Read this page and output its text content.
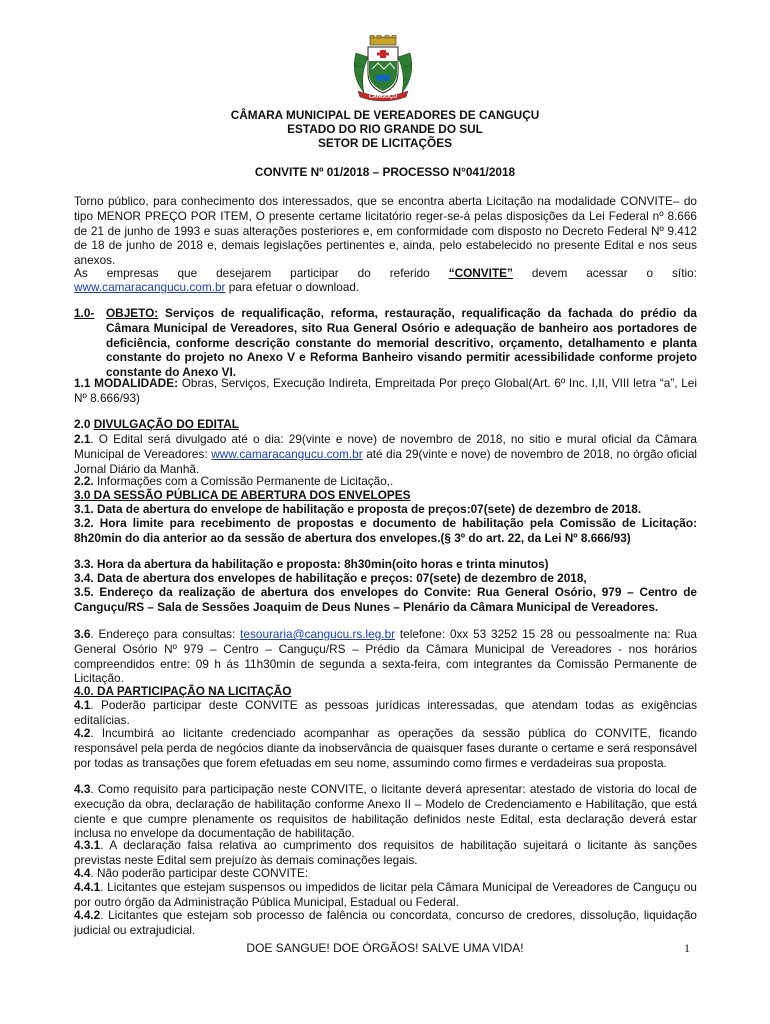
CANGUÇU
CÂMARA MUNICIPAL DE VEREADORES DE CANGUÇU
ESTADO DO RIO GRANDE DO SUL
SETOR DE LICITAÇÕES
CONVITE Nº 01/2018 – PROCESSO N°041/2018

Torno público, para conhecimento dos interessados, que se encontra aberta Licitação na modalidade CONVITE– do tipo MENOR PREÇO POR ITEM, O presente certame licitatório reger-se-á pelas disposições da Lei Federal nº 8.666 de 21 de junho de 1993 e suas alterações posteriores e, em conformidade com disposto no Decreto Federal Nº 9.412 de 18 de junho de 2018 e, demais legislações pertinentes e, ainda, pelo estabelecido no presente Edital e nos seus anexos.

As empresas que desejarem participar do referido “CONVITE” devem acessar o sítio:
www.camaracangucu.com.br para efetuar o download.
1.0- OBJETO: Serviços de requalificação, reforma, restauração, requalificação da fachada do prédio da Câmara Municipal de Vereadores, sito Rua General Osório e adequação de banheiro aos portadores de deficiência, conforme descrição constante do memorial descritivo, orçamento, detalhamento e planta constante do projeto no Anexo V e Reforma Banheiro visando permitir acessibilidade conforme projeto constante do Anexo VI.
1.1 MODALIDADE: Obras, Serviços, Execução Indireta, Empreitada Por preço Global(Art. 6º Inc. I,II, VIII letra “a”, Lei Nº 8.666/93)
2.0 DIVULGAÇÃO DO EDITAL
2.1. O Edital será divulgado até o dia: 29(vinte e nove) de novembro de 2018, no sitio e mural oficial da Câmara Municipal de Vereadores: www.camaracangucu.com.br até dia 29(vinte e nove) de novembro de 2018, no órgão oficial Jornal Diário da Manhã.
2.2. Informações com a Comissão Permanente de Licitação,.
3.0 DA SESSÃO PÚBLICA DE ABERTURA DOS ENVELOPES
3.1. Data de abertura do envelope de habilitação e proposta de preços:07(sete) de dezembro de 2018.
3.2. Hora limite para recebimento de propostas e documento de habilitação pela Comissão de Licitação: 8h20min do dia anterior ao da sessão de abertura dos envelopes.(§ 3º do art. 22, da Lei Nº 8.666/93)
3.3. Hora da abertura da habilitação e proposta: 8h30min(oito horas e trinta minutos)
3.4. Data de abertura dos envelopes de habilitação e preços: 07(sete) de dezembro de 2018,
3.5. Endereço da realização de abertura dos envelopes do Convite: Rua General Osório, 979 – Centro de Canguçu/RS – Sala de Sessões Joaquim de Deus Nunes – Plenário da Câmara Municipal de Vereadores.
3.6. Endereço para consultas: tesouraria@cangucu.rs.leg.br telefone: 0xx 53 3252 15 28 ou pessoalmente na: Rua General Osório Nº 979 – Centro – Canguçu/RS – Prédio da Câmara Municipal de Vereadores - nos horários compreendidos entre: 09 h ás 11h30min de segunda a sexta-feira, com integrantes da Comissão Permanente de Licitação.
4.0. DA PARTICIPAÇÃO NA LICITAÇÃO
4.1. Poderão participar deste CONVITE as pessoas jurídicas interessadas, que atendam todas as exigências editalícias.
4.2. Incumbirá ao licitante credenciado acompanhar as operações da sessão pública do CONVITE, ficando responsável pela perda de negócios diante da inobservância de quaisquer fases durante o certame e será responsável por todas as transações que forem efetuadas em seu nome, assumindo como firmes e verdadeiras sua proposta.
4.3. Como requisito para participação neste CONVITE, o licitante deverá apresentar: atestado de vistoria do local de execução da obra, declaração de habilitação conforme Anexo II – Modelo de Credenciamento e Habilitação, que está ciente e que cumpre plenamente os requisitos de habilitação definidos neste Edital, esta declaração deverá estar inclusa no envelope da documentação de habilitação.
4.3.1. A declaração falsa relativa ao cumprimento dos requisitos de habilitação sujeitará o licitante às sanções previstas neste Edital sem prejuízo às demais cominações legais.
4.4. Não poderão participar deste CONVITE:
4.4.1. Licitantes que estejam suspensos ou impedidos de licitar pela Câmara Municipal de Vereadores de Canguçu ou por outro órgão da Administração Pública Municipal, Estadual ou Federal.
4.4.2. Licitantes que estejam sob processo de falência ou concordata, concurso de credores, dissolução, liquidação judicial ou extrajudicial.
DOE SANGUE! DOE ÓRGÃOS! SALVE UMA VIDA!	1
